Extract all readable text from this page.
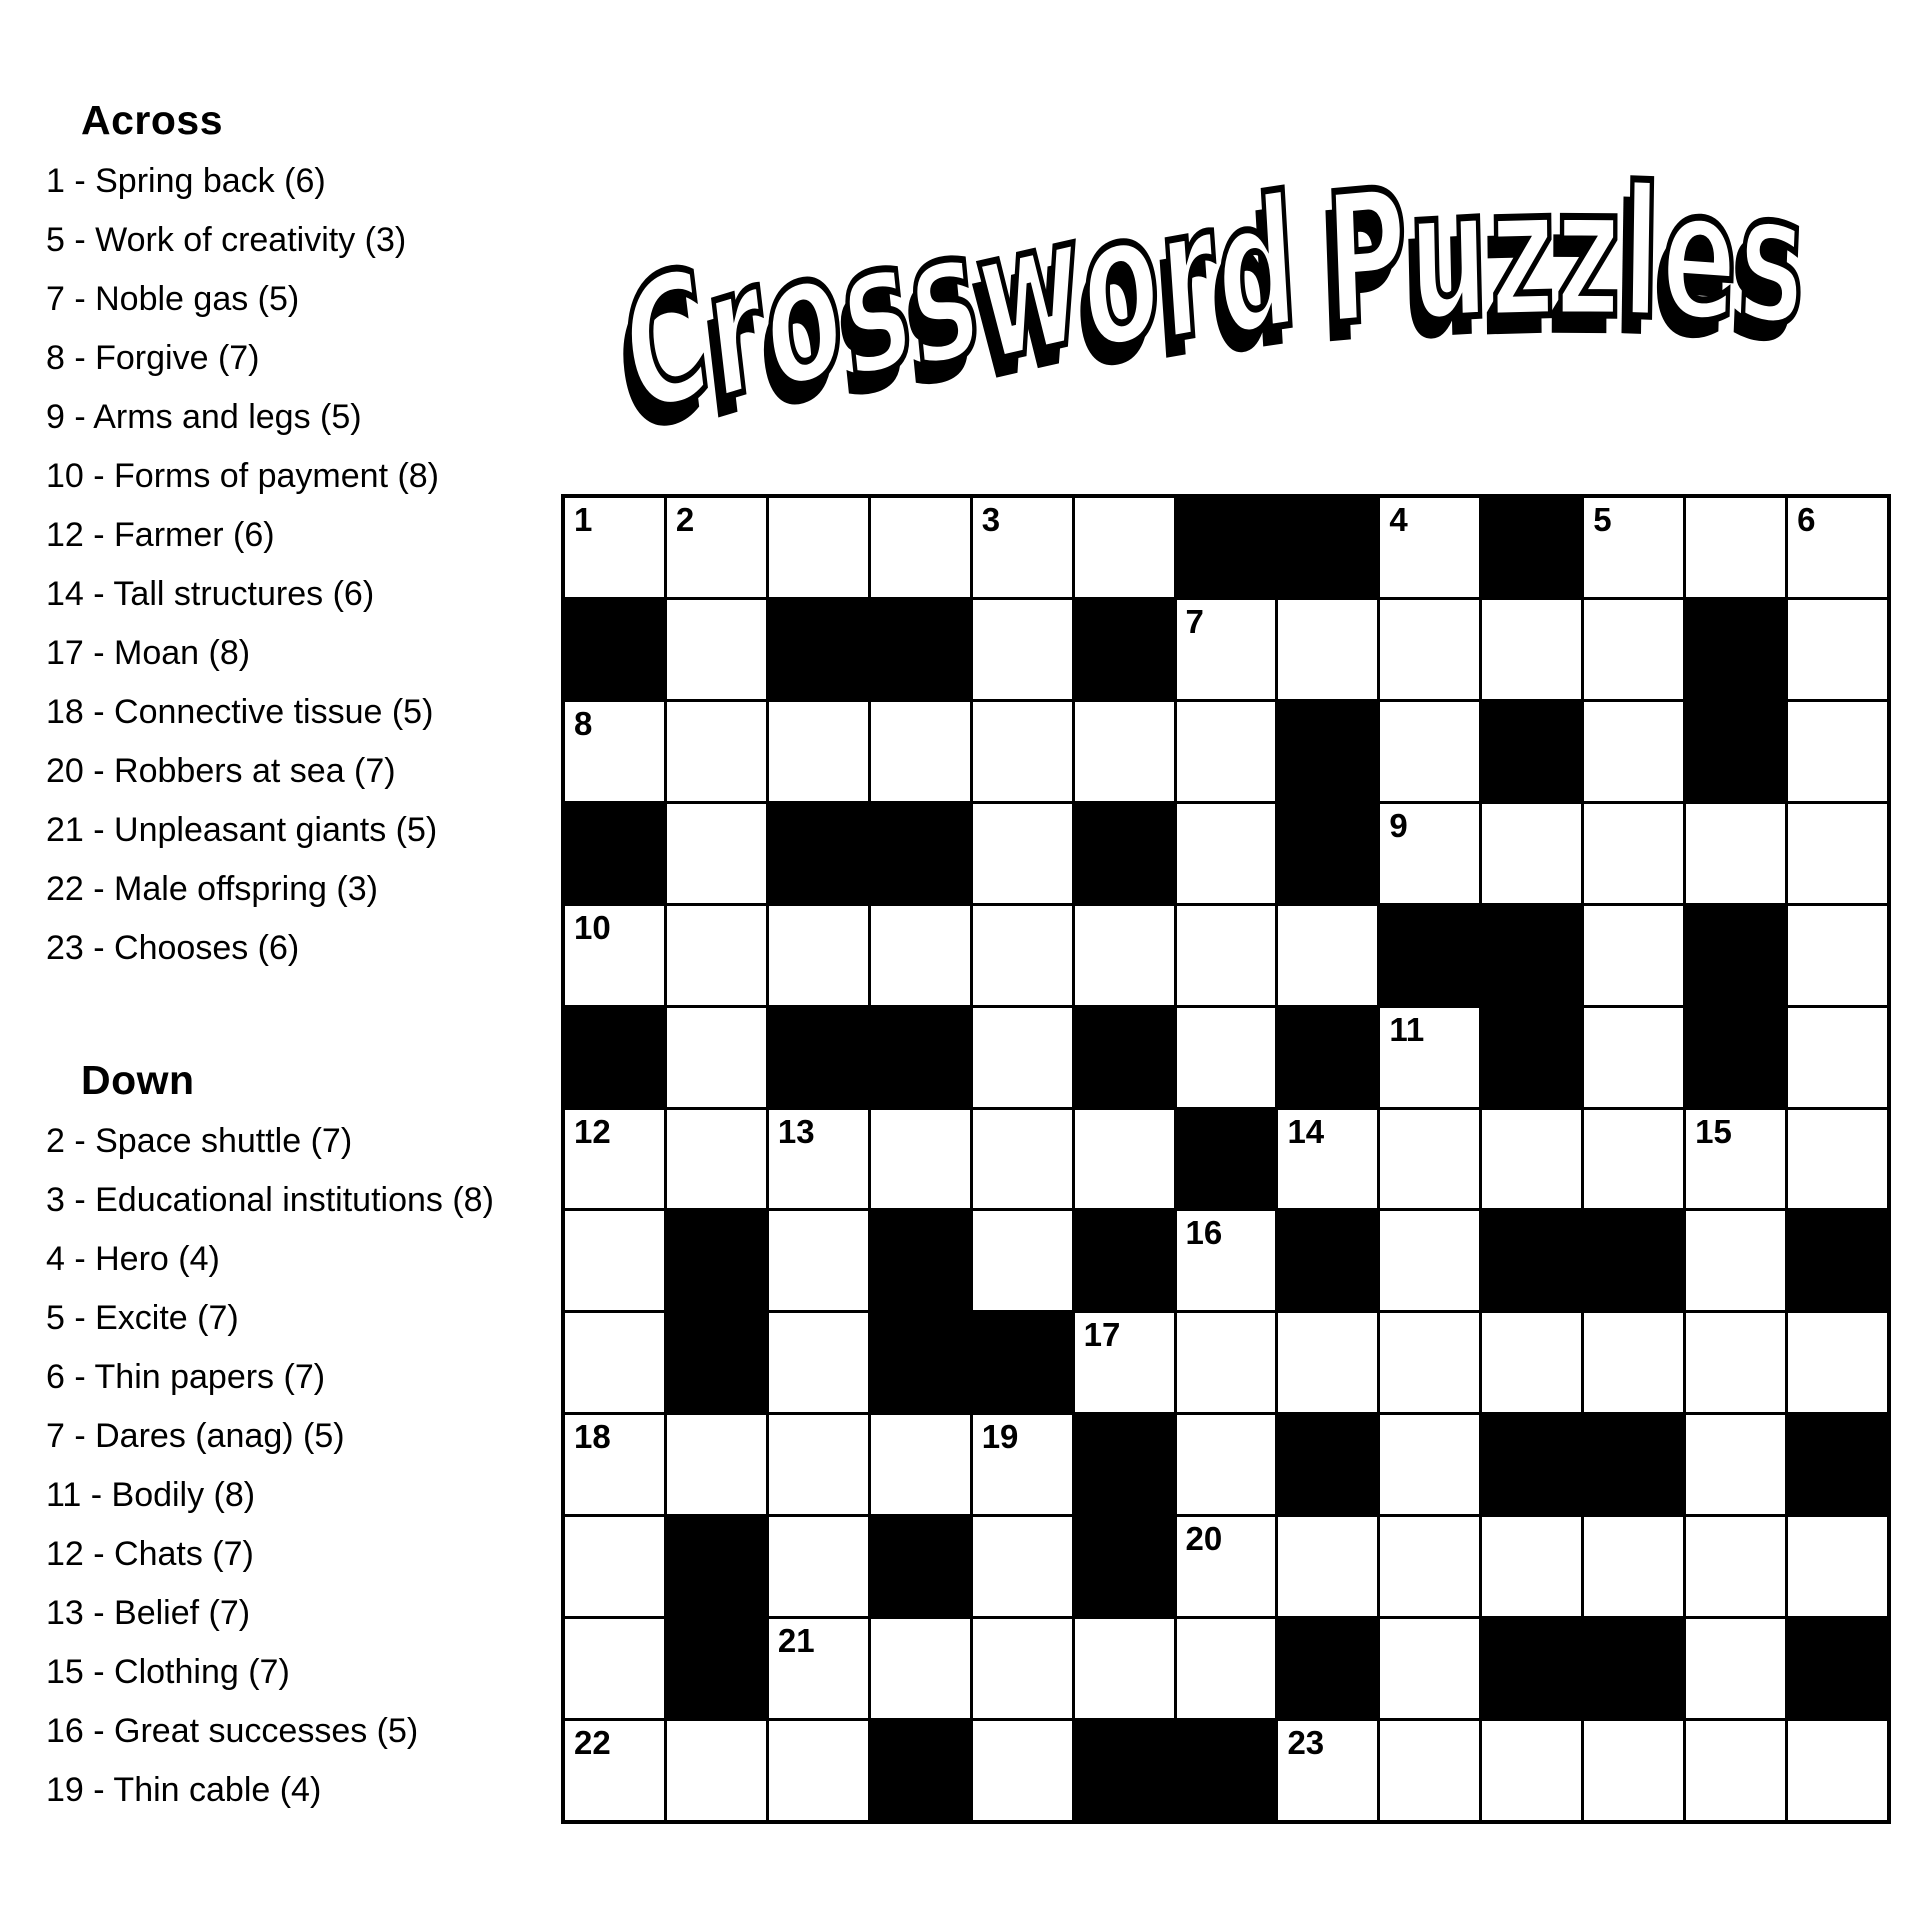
Across
1 - Spring back (6)
5 - Work of creativity (3)
7 - Noble gas (5)
8 - Forgive (7)
9 - Arms and legs (5)
10 - Forms of payment (8)
12 - Farmer (6)
14 - Tall structures (6)
17 - Moan (8)
18 - Connective tissue (5)
20 - Robbers at sea (7)
21 - Unpleasant giants (5)
22 - Male offspring (3)
23 - Chooses (6)
Down
2 - Space shuttle (7)
3 - Educational institutions (8)
4 - Hero (4)
5 - Excite (7)
6 - Thin papers (7)
7 - Dares (anag) (5)
11 - Bodily (8)
12 - Chats (7)
13 - Belief (7)
15 - Clothing (7)
16 - Great successes (5)
19 - Thin cable (4)
C
r
o
s
s
w
o
r
d P
u
z z l
e
s
1	2	3	4	5	6
7
8
9
10
11
12	13	14	15
16
17
18	19
20
21
22	23
